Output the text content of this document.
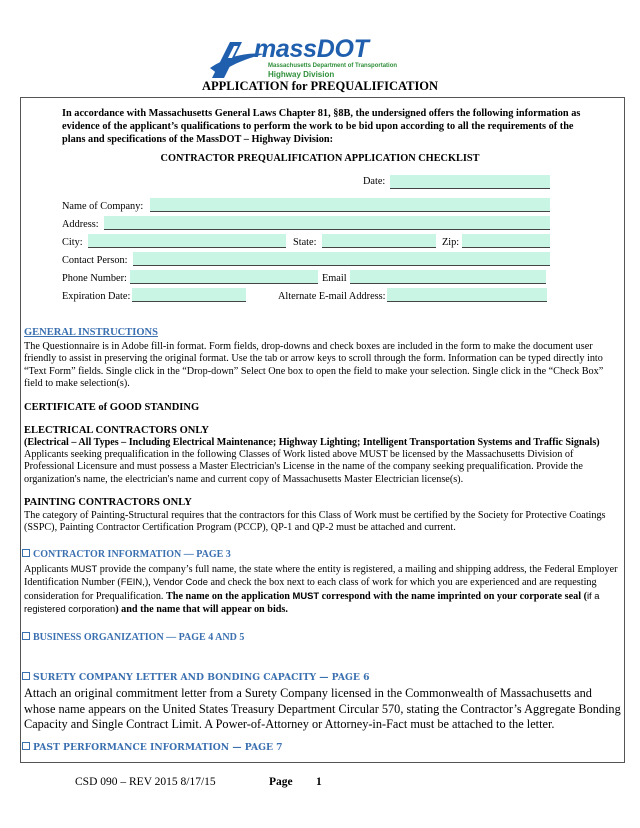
massDOT
Massachusetts Department of Transportation
Highway Division
APPLICATION for PREQUALIFICATION
In accordance with Massachusetts General Laws Chapter 81, §8B, the undersigned offers the following information as evidence of the applicant’s qualifications to perform the work to be bid upon according to all the requirements of the plans and specifications of the MassDOT – Highway Division:
CONTRACTOR PREQUALIFICATION APPLICATION CHECKLIST
Date:
Name of Company:
Address:
City:	State:	Zip:
Contact Person:
Phone Number:	Email
Expiration Date:	Alternate E-mail Address:
GENERAL INSTRUCTIONS
The Questionnaire is in Adobe fill-in format. Form fields, drop-downs and check boxes are included in the form to make the document user friendly to assist in preserving the original format. Use the tab or arrow keys to scroll through the form. Information can be typed directly into “Text Form” fields. Single click in the “Drop-down” Select One box to open the field to make your selection. Single click in the “Check Box” field to make selection(s).
CERTIFICATE of GOOD STANDING
ELECTRICAL CONTRACTORS ONLY
(Electrical – All Types – Including Electrical Maintenance; Highway Lighting; Intelligent Transportation Systems and Traffic Signals)
Applicants seeking prequalification in the following Classes of Work listed above MUST be licensed by the Massachusetts Division of Professional Licensure and must possess a Master Electrician's License in the name of the company seeking prequalification. Provide the organization's name, the electrician's name and current copy of Massachusetts Master Electrician license(s).
PAINTING CONTRACTORS ONLY
The category of Painting-Structural requires that the contractors for this Class of Work must be certified by the Society for Protective Coatings (SSPC), Painting Contractor Certification Program (PCCP), QP-1 and QP-2 must be attached and current.
CONTRACTOR INFORMATION — PAGE 3
Applicants MUST provide the company’s full name, the state where the entity is registered, a mailing and shipping address, the Federal Employer Identification Number (FEIN,), Vendor Code and check the box next to each class of work for which you are experienced and are requesting consideration for Prequalification. The name on the application MUST correspond with the name imprinted on your corporate seal (if a registered corporation) and the name that will appear on bids.
BUSINESS ORGANIZATION — PAGE 4 AND 5
SURETY COMPANY LETTER AND BONDING CAPACITY — PAGE 6
Attach an original commitment letter from a Surety Company licensed in the Commonwealth of Massachusetts and whose name appears on the United States Treasury Department Circular 570, stating the Contractor’s Aggregate Bonding Capacity and Single Contract Limit. A Power-of-Attorney or Attorney-in-Fact must be attached to the letter.
PAST PERFORMANCE INFORMATION — PAGE 7
CSD 090 – REV 2015 8/17/15	Page 1
